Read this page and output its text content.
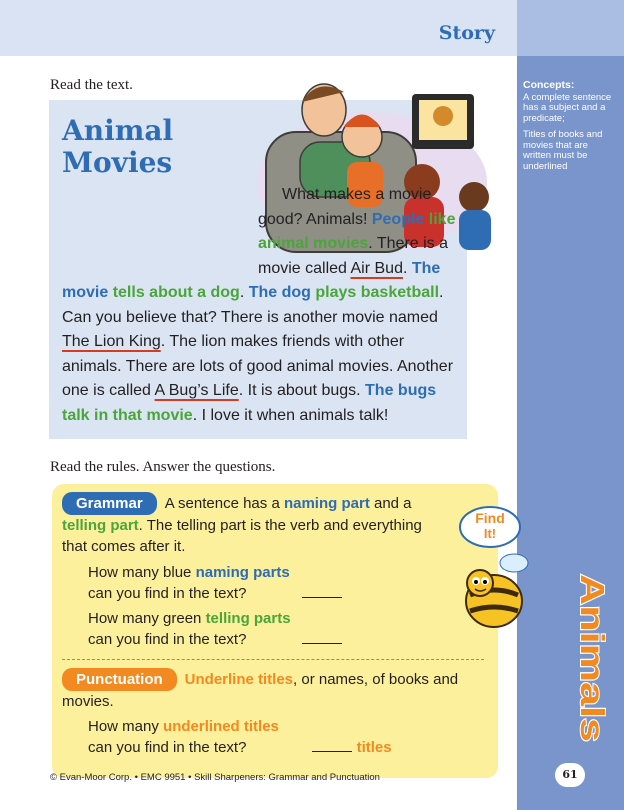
Story
Concepts:

A complete sentence has a subject and a predicate;

Titles of books and movies that are written must be underlined

Animals
Read the text.
Animal
Movies
What makes a movie good? Animals! People like animal movies. There is a movie called Air Bud. The movie tells about a dog. The dog plays basketball. Can you believe that? There is another movie named The Lion King. The lion makes friends with other animals. There are lots of good animal movies. Another one is called A Bug’s Life. It is about bugs. The bugs talk in that movie. I love it when animals talk!
Read the rules. Answer the questions.
Grammar A sentence has a naming part and a telling part. The telling part is the verb and everything that comes after it.
How many blue naming parts
can you find in the text?
How many green telling parts
can you find in the text?
Punctuation Underline titles, or names, of books and movies.
How many underlined titles
can you find in the text?	titles
Find
It!
© Evan-Moor Corp. • EMC 9951 • Skill Sharpeners: Grammar and Punctuation	61
